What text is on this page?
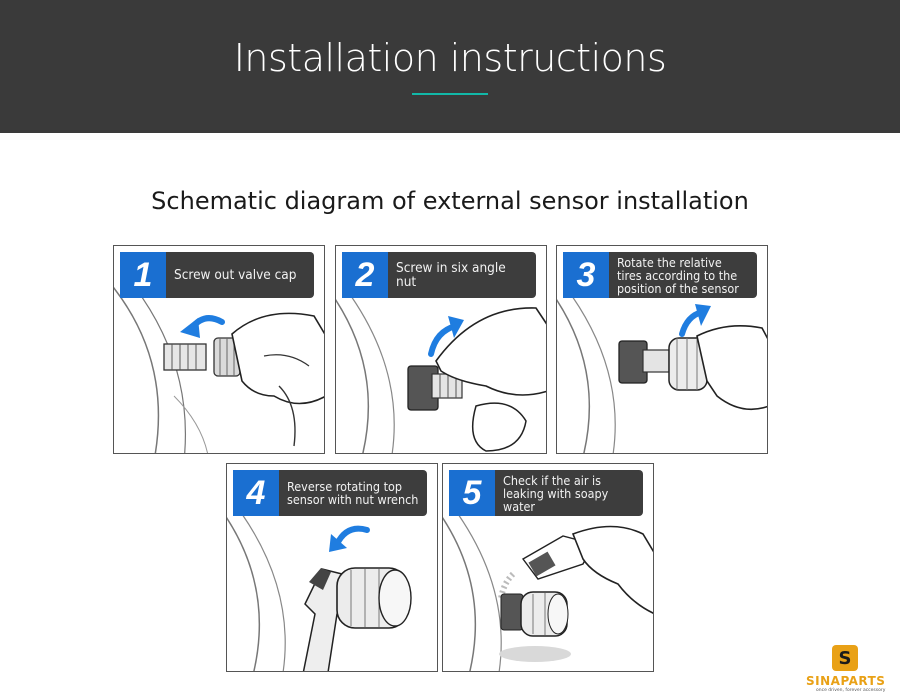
Installation instructions
Schematic diagram of external sensor installation
1	Screw out valve cap	2	Screw in six angle nut	3	Rotate the relative tires according to the position of the sensor
4	Reverse rotating top sensor with nut wrench	5	Check if the air is leaking with soapy water
S
SINAPARTS
once driven, forever accessory
